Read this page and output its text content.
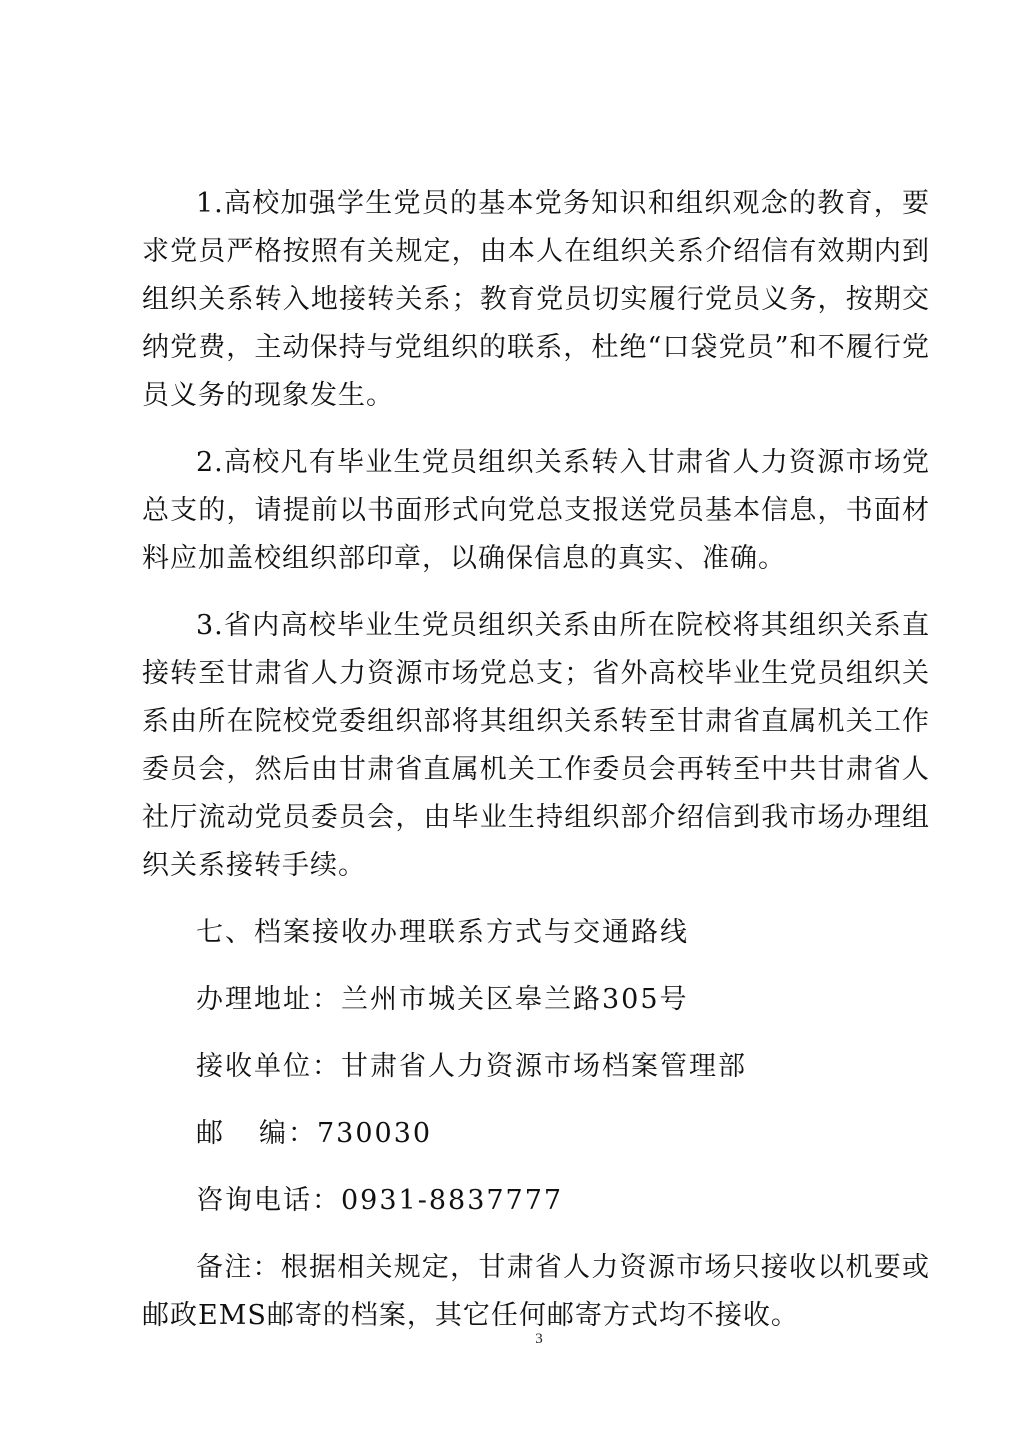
1.高校加强学生党员的基本党务知识和组织观念的教育，要求党员严格按照有关规定，由本人在组织关系介绍信有效期内到组织关系转入地接转关系；教育党员切实履行党员义务，按期交纳党费，主动保持与党组织的联系，杜绝“口袋党员”和不履行党员义务的现象发生。

2.高校凡有毕业生党员组织关系转入甘肃省人力资源市场党总支的，请提前以书面形式向党总支报送党员基本信息，书面材料应加盖校组织部印章，以确保信息的真实、准确。

3.省内高校毕业生党员组织关系由所在院校将其组织关系直接转至甘肃省人力资源市场党总支；省外高校毕业生党员组织关系由所在院校党委组织部将其组织关系转至甘肃省直属机关工作委员会，然后由甘肃省直属机关工作委员会再转至中共甘肃省人社厅流动党员委员会，由毕业生持组织部介绍信到我市场办理组织关系接转手续。

七、档案接收办理联系方式与交通路线

办理地址：兰州市城关区皋兰路305号

接收单位：甘肃省人力资源市场档案管理部

邮编：730030

咨询电话：0931-8837777

备注：根据相关规定，甘肃省人力资源市场只接收以机要或邮政EMS邮寄的档案，其它任何邮寄方式均不接收。

3
